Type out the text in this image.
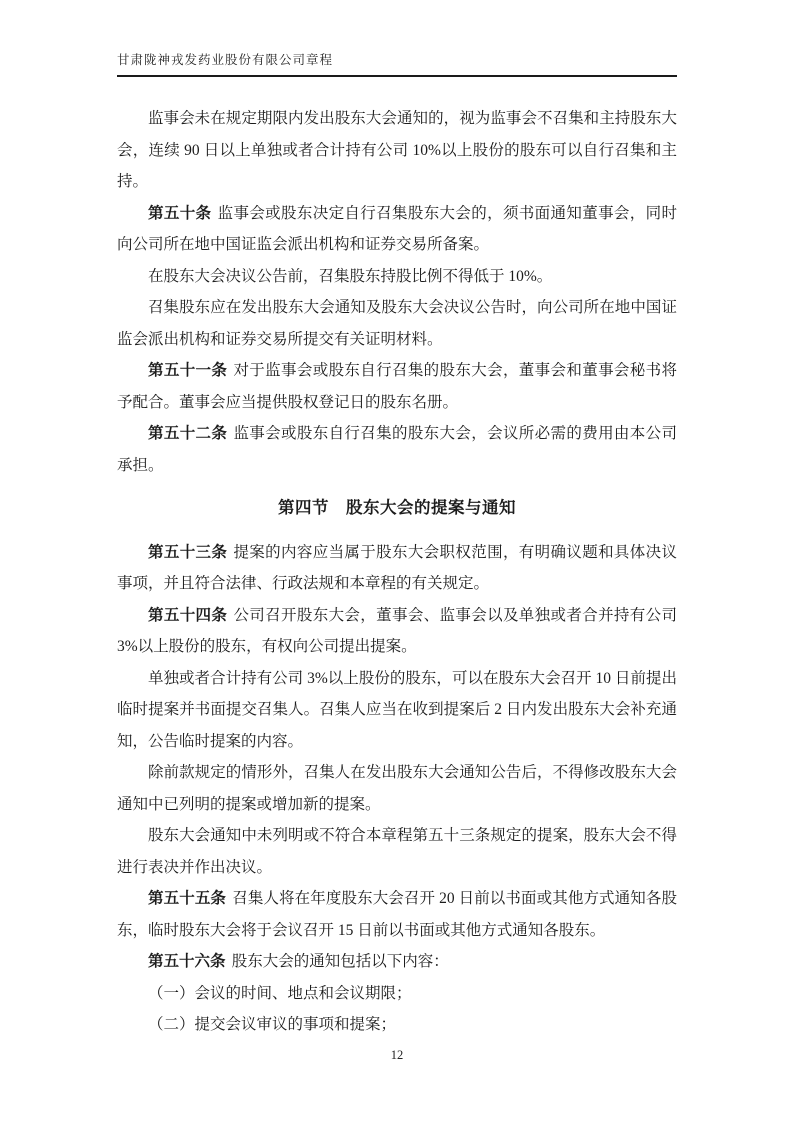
甘肃陇神戎发药业股份有限公司章程

监事会未在规定期限内发出股东大会通知的，视为监事会不召集和主持股东大会，连续 90 日以上单独或者合计持有公司 10%以上股份的股东可以自行召集和主持。

第五十条 监事会或股东决定自行召集股东大会的，须书面通知董事会，同时向公司所在地中国证监会派出机构和证券交易所备案。

在股东大会决议公告前，召集股东持股比例不得低于 10%。

召集股东应在发出股东大会通知及股东大会决议公告时，向公司所在地中国证监会派出机构和证券交易所提交有关证明材料。

第五十一条 对于监事会或股东自行召集的股东大会，董事会和董事会秘书将予配合。董事会应当提供股权登记日的股东名册。

第五十二条 监事会或股东自行召集的股东大会，会议所必需的费用由本公司承担。

第四节　股东大会的提案与通知

第五十三条 提案的内容应当属于股东大会职权范围，有明确议题和具体决议事项，并且符合法律、行政法规和本章程的有关规定。

第五十四条 公司召开股东大会，董事会、监事会以及单独或者合并持有公司 3%以上股份的股东，有权向公司提出提案。

单独或者合计持有公司 3%以上股份的股东，可以在股东大会召开 10 日前提出临时提案并书面提交召集人。召集人应当在收到提案后 2 日内发出股东大会补充通知，公告临时提案的内容。

除前款规定的情形外，召集人在发出股东大会通知公告后，不得修改股东大会通知中已列明的提案或增加新的提案。

股东大会通知中未列明或不符合本章程第五十三条规定的提案，股东大会不得进行表决并作出决议。

第五十五条 召集人将在年度股东大会召开 20 日前以书面或其他方式通知各股东，临时股东大会将于会议召开 15 日前以书面或其他方式通知各股东。

第五十六条 股东大会的通知包括以下内容：

（一）会议的时间、地点和会议期限；

（二）提交会议审议的事项和提案；

12
